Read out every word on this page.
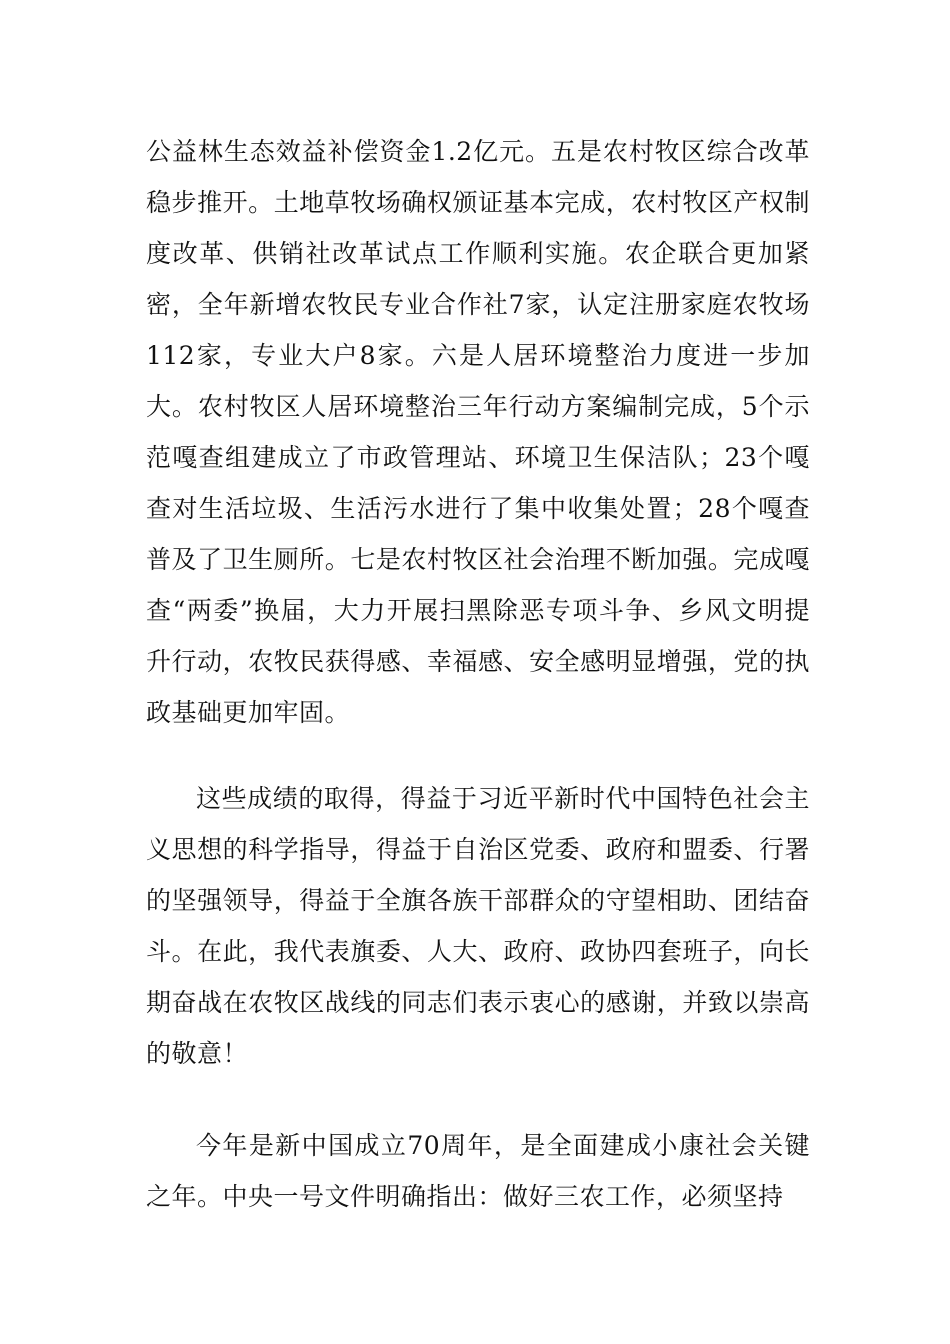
公益林生态效益补偿资金1.2亿元。五是农村牧区综合改革稳步推开。土地草牧场确权颁证基本完成，农村牧区产权制度改革、供销社改革试点工作顺利实施。农企联合更加紧密，全年新增农牧民专业合作社7家，认定注册家庭农牧场112家，专业大户8家。六是人居环境整治力度进一步加大。农村牧区人居环境整治三年行动方案编制完成，5个示范嘎查组建成立了市政管理站、环境卫生保洁队；23个嘎查对生活垃圾、生活污水进行了集中收集处置；28个嘎查普及了卫生厕所。七是农村牧区社会治理不断加强。完成嘎查“两委”换届，大力开展扫黑除恶专项斗争、乡风文明提升行动，农牧民获得感、幸福感、安全感明显增强，党的执政基础更加牢固。

这些成绩的取得，得益于习近平新时代中国特色社会主义思想的科学指导，得益于自治区党委、政府和盟委、行署的坚强领导，得益于全旗各族干部群众的守望相助、团结奋斗。在此，我代表旗委、人大、政府、政协四套班子，向长期奋战在农牧区战线的同志们表示衷心的感谢，并致以崇高的敬意！

今年是新中国成立70周年，是全面建成小康社会关键之年。中央一号文件明确指出：做好三农工作，必须坚持
